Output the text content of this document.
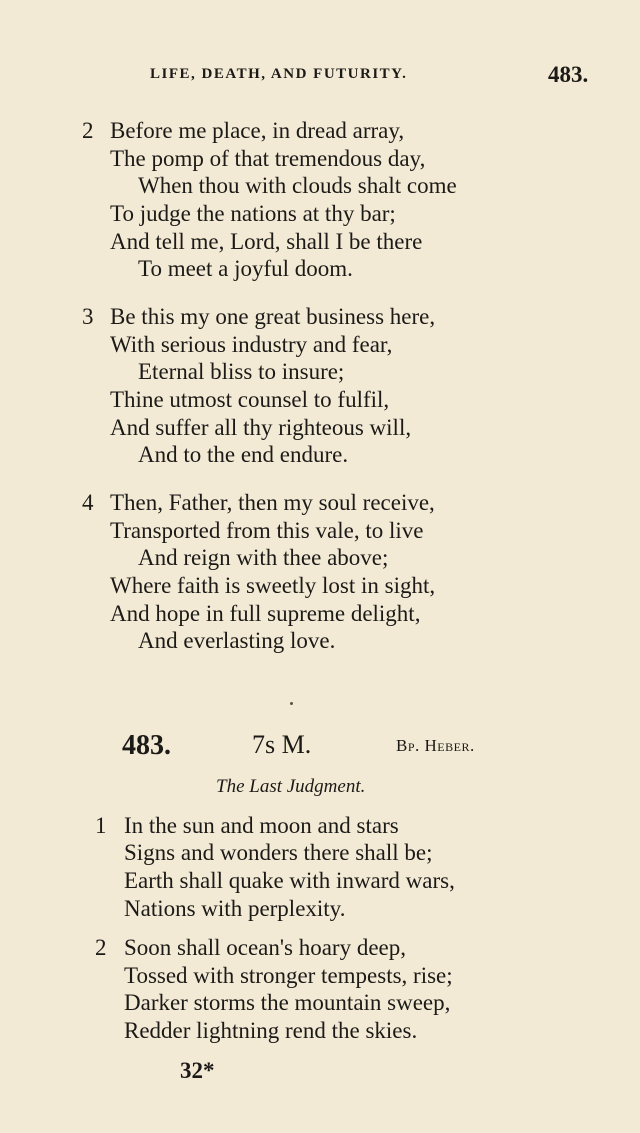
LIFE, DEATH, AND FUTURITY.	483.
2 Before me place, in dread array,
The pomp of that tremendous day,
When thou with clouds shalt come
To judge the nations at thy bar;
And tell me, Lord, shall I be there
To meet a joyful doom.
3 Be this my one great business here,
With serious industry and fear,
Eternal bliss to insure;
Thine utmost counsel to fulfil,
And suffer all thy righteous will,
And to the end endure.
4 Then, Father, then my soul receive,
Transported from this vale, to live
And reign with thee above;
Where faith is sweetly lost in sight,
And hope in full supreme delight,
And everlasting love.
483.	7s M.	Bp. Heber.
The Last Judgment.
1 In the sun and moon and stars
Signs and wonders there shall be;
Earth shall quake with inward wars,
Nations with perplexity.
2 Soon shall ocean's hoary deep,
Tossed with stronger tempests, rise;
Darker storms the mountain sweep,
Redder lightning rend the skies.
32*
